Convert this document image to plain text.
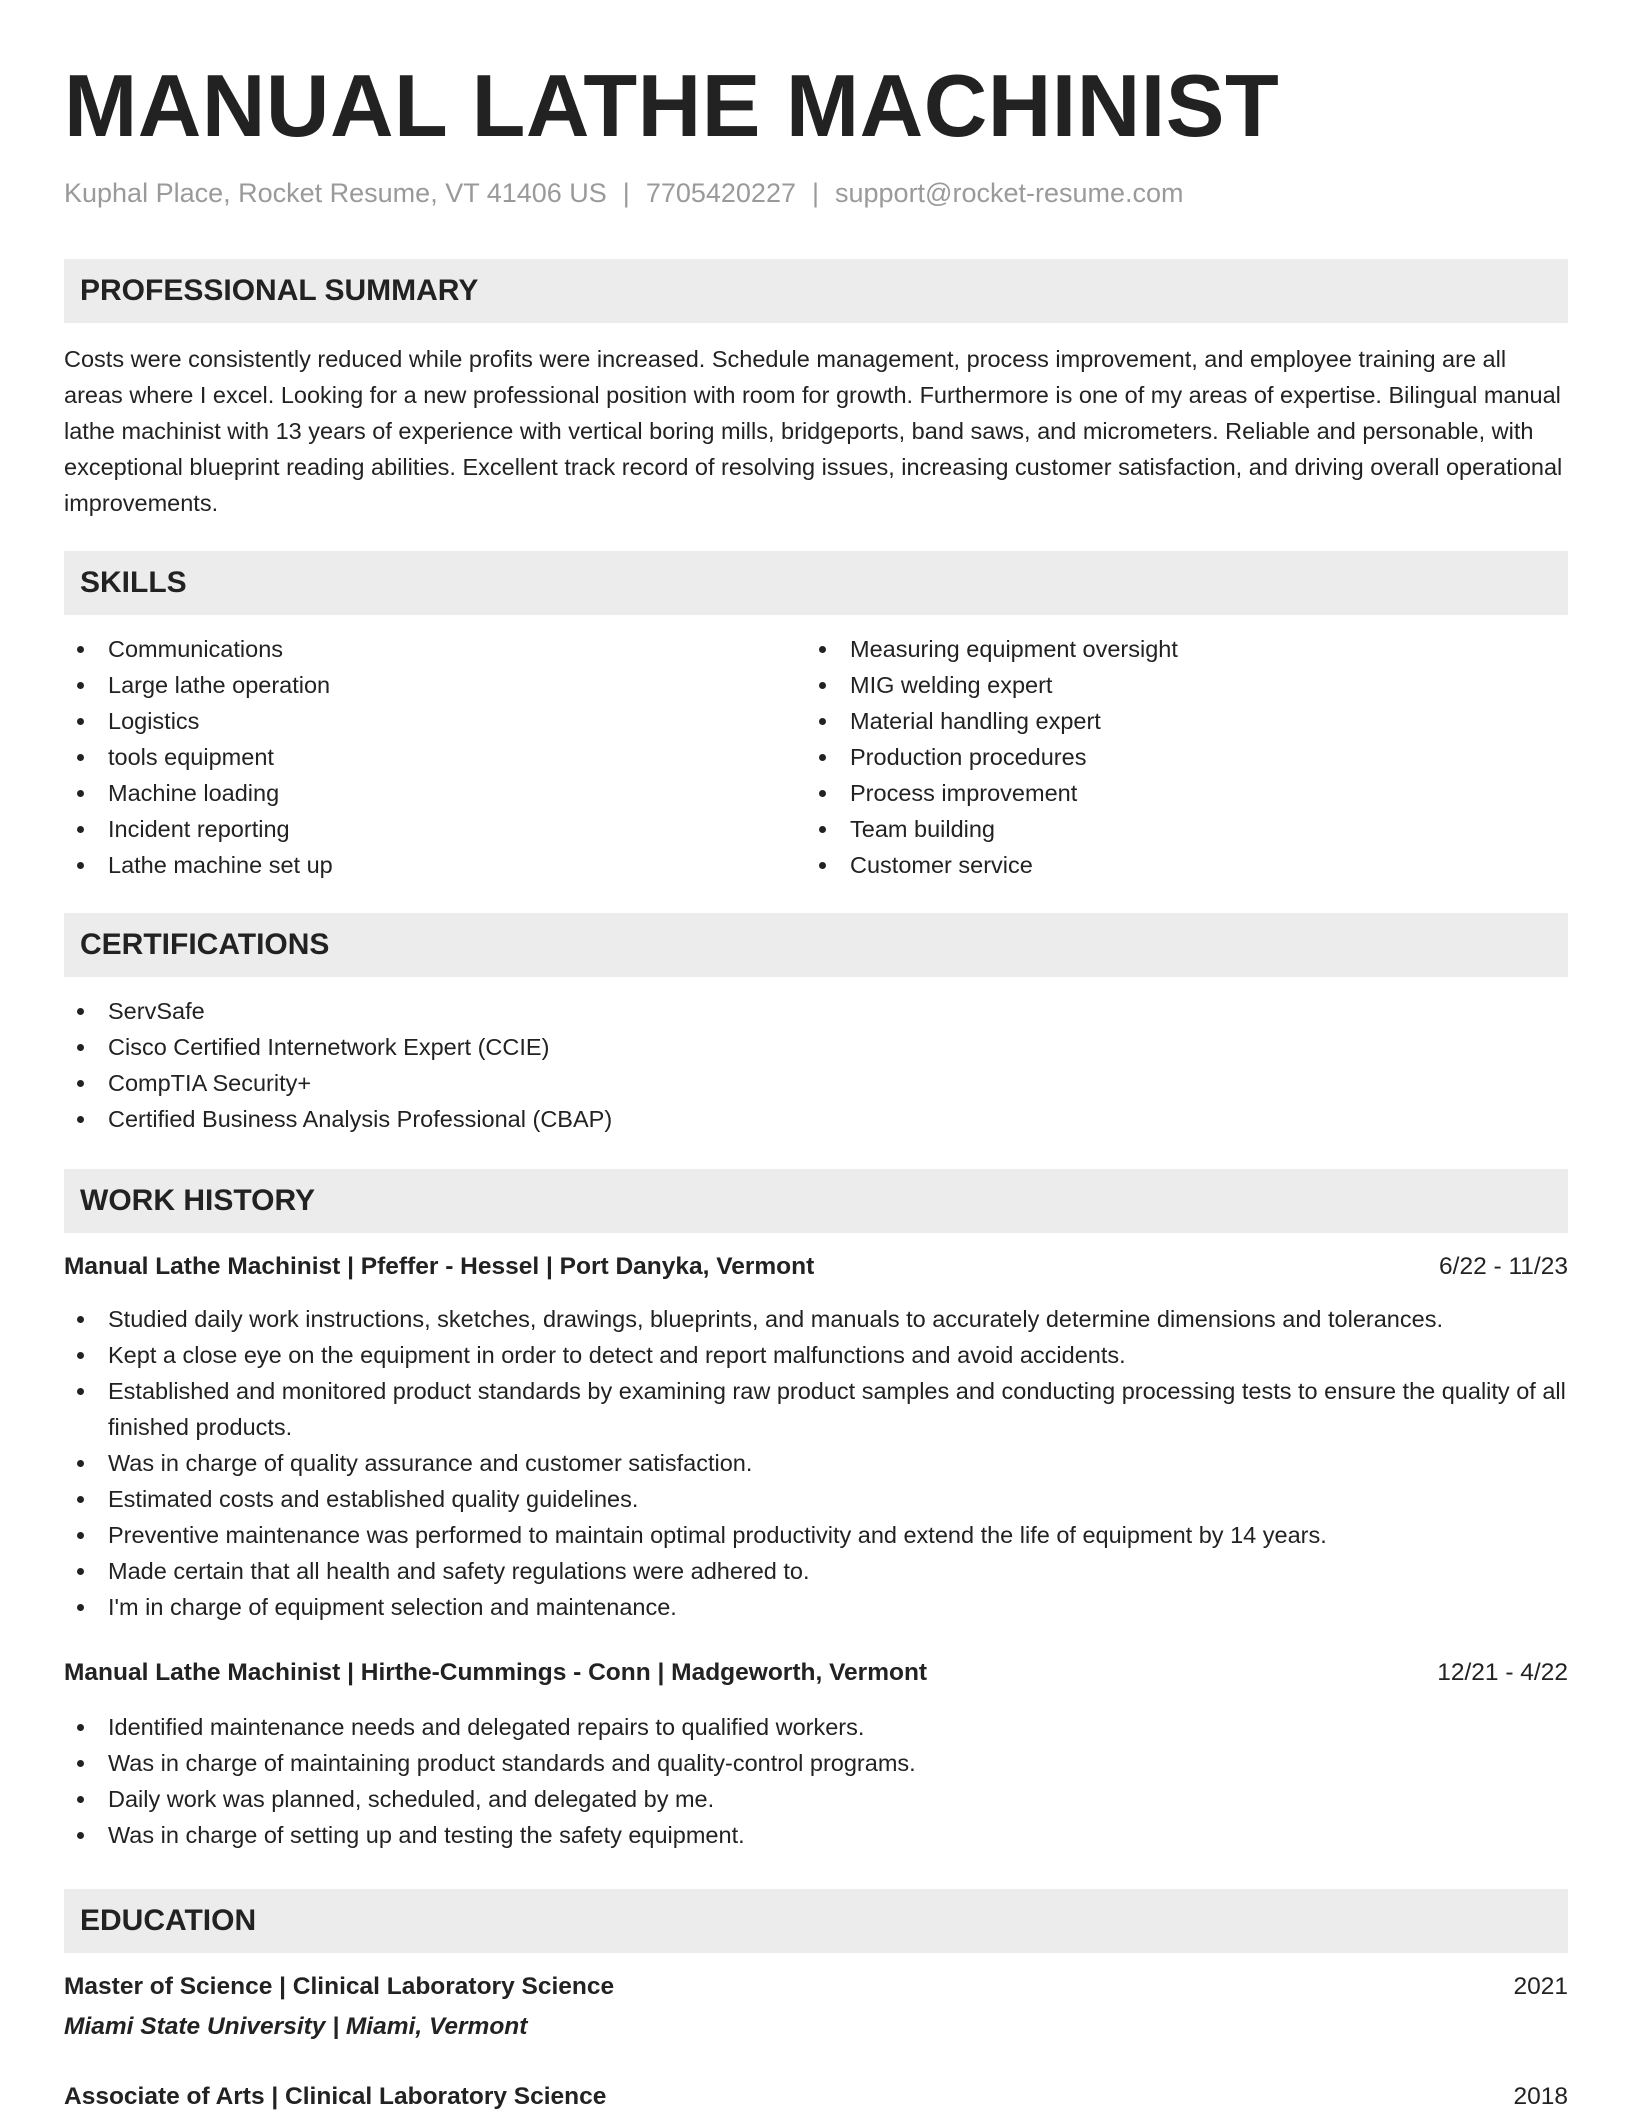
MANUAL LATHE MACHINIST
Kuphal Place, Rocket Resume, VT 41406 US | 7705420227 | support@rocket-resume.com
PROFESSIONAL SUMMARY

Costs were consistently reduced while profits were increased. Schedule management, process improvement, and employee training are all areas where I excel. Looking for a new professional position with room for growth. Furthermore is one of my areas of expertise. Bilingual manual lathe machinist with 13 years of experience with vertical boring mills, bridgeports, band saws, and micrometers. Reliable and personable, with exceptional blueprint reading abilities. Excellent track record of resolving issues, increasing customer satisfaction, and driving overall operational improvements.

SKILLS
Communications
Large lathe operation
Logistics
tools equipment
Machine loading
Incident reporting
Lathe machine set up
Measuring equipment oversight
MIG welding expert
Material handling expert
Production procedures
Process improvement
Team building
Customer service
CERTIFICATIONS
ServSafe
Cisco Certified Internetwork Expert (CCIE)
CompTIA Security+
Certified Business Analysis Professional (CBAP)
WORK HISTORY
Manual Lathe Machinist | Pfeffer - Hessel | Port Danyka, Vermont	6/22 - 11/23
Studied daily work instructions, sketches, drawings, blueprints, and manuals to accurately determine dimensions and tolerances.
Kept a close eye on the equipment in order to detect and report malfunctions and avoid accidents.
Established and monitored product standards by examining raw product samples and conducting processing tests to ensure the quality of all finished products.
Was in charge of quality assurance and customer satisfaction.
Estimated costs and established quality guidelines.
Preventive maintenance was performed to maintain optimal productivity and extend the life of equipment by 14 years.
Made certain that all health and safety regulations were adhered to.
I'm in charge of equipment selection and maintenance.
Manual Lathe Machinist | Hirthe-Cummings - Conn | Madgeworth, Vermont	12/21 - 4/22
Identified maintenance needs and delegated repairs to qualified workers.
Was in charge of maintaining product standards and quality-control programs.
Daily work was planned, scheduled, and delegated by me.
Was in charge of setting up and testing the safety equipment.
EDUCATION
Master of Science | Clinical Laboratory Science	2021
Miami State University | Miami, Vermont
Associate of Arts | Clinical Laboratory Science	2018
